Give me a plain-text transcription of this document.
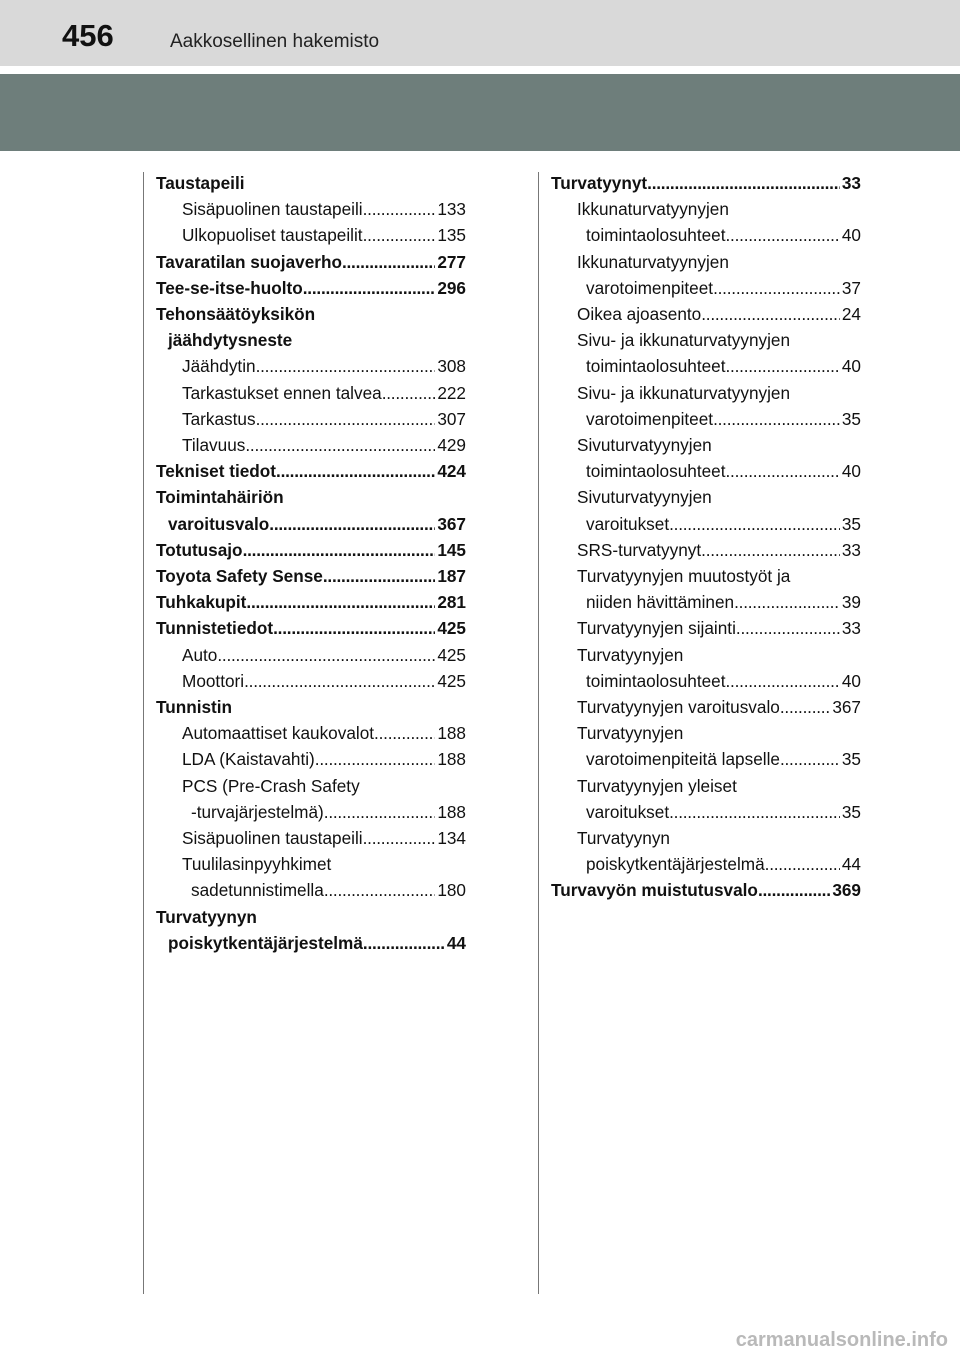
456	Aakkosellinen hakemisto
Taustapeili
Sisäpuolinen taustapeili . . .	133
Ulkopuoliset taustapeilit . . .	135
Tavaratilan suojaverho . . .	277
Tee-se-itse-huolto . . .	296
Tehonsäätöyksikön
jäähdytysneste
Jäähdytin . . .	308
Tarkastukset ennen talvea . . .	222
Tarkastus . . .	307
Tilavuus . . .	429
Tekniset tiedot . . .	424
Toimintahäiriön
varoitusvalo . . .	367
Totutusajo . . .	145
Toyota Safety Sense . . .	187
Tuhkakupit . . .	281
Tunnistetiedot . . .	425
Auto . . .	425
Moottori . . .	425
Tunnistin
Automaattiset kaukovalot . . .	188
LDA (Kaistavahti) . . .	188
PCS (Pre-Crash Safety
-turvajärjestelmä) . . .	188
Sisäpuolinen taustapeili . . .	134
Tuulilasinpyyhkimet
sadetunnistimella . . .	180
Turvatyynyn
poiskytkentäjärjestelmä . . .	44
Turvatyynyt . . .	33
Ikkunaturvatyynyjen
toimintaolosuhteet . . .	40
Ikkunaturvatyynyjen
varotoimenpiteet . . .	37
Oikea ajoasento . . .	24
Sivu- ja ikkunaturvatyynyjen
toimintaolosuhteet . . .	40
Sivu- ja ikkunaturvatyynyjen
varotoimenpiteet . . .	35
Sivuturvatyynyjen
toimintaolosuhteet . . .	40
Sivuturvatyynyjen
varoitukset . . .	35
SRS-turvatyynyt . . .	33
Turvatyynyjen muutostyöt ja
niiden hävittäminen . . .	39
Turvatyynyjen sijainti . . .	33
Turvatyynyjen
toimintaolosuhteet . . .	40
Turvatyynyjen varoitusvalo . . .	367
Turvatyynyjen
varotoimenpiteitä lapselle . . .	35
Turvatyynyjen yleiset
varoitukset . . .	35
Turvatyynyn
poiskytkentäjärjestelmä . . .	44
Turvavyön muistutusvalo . . .	369
carmanualsonline.info
